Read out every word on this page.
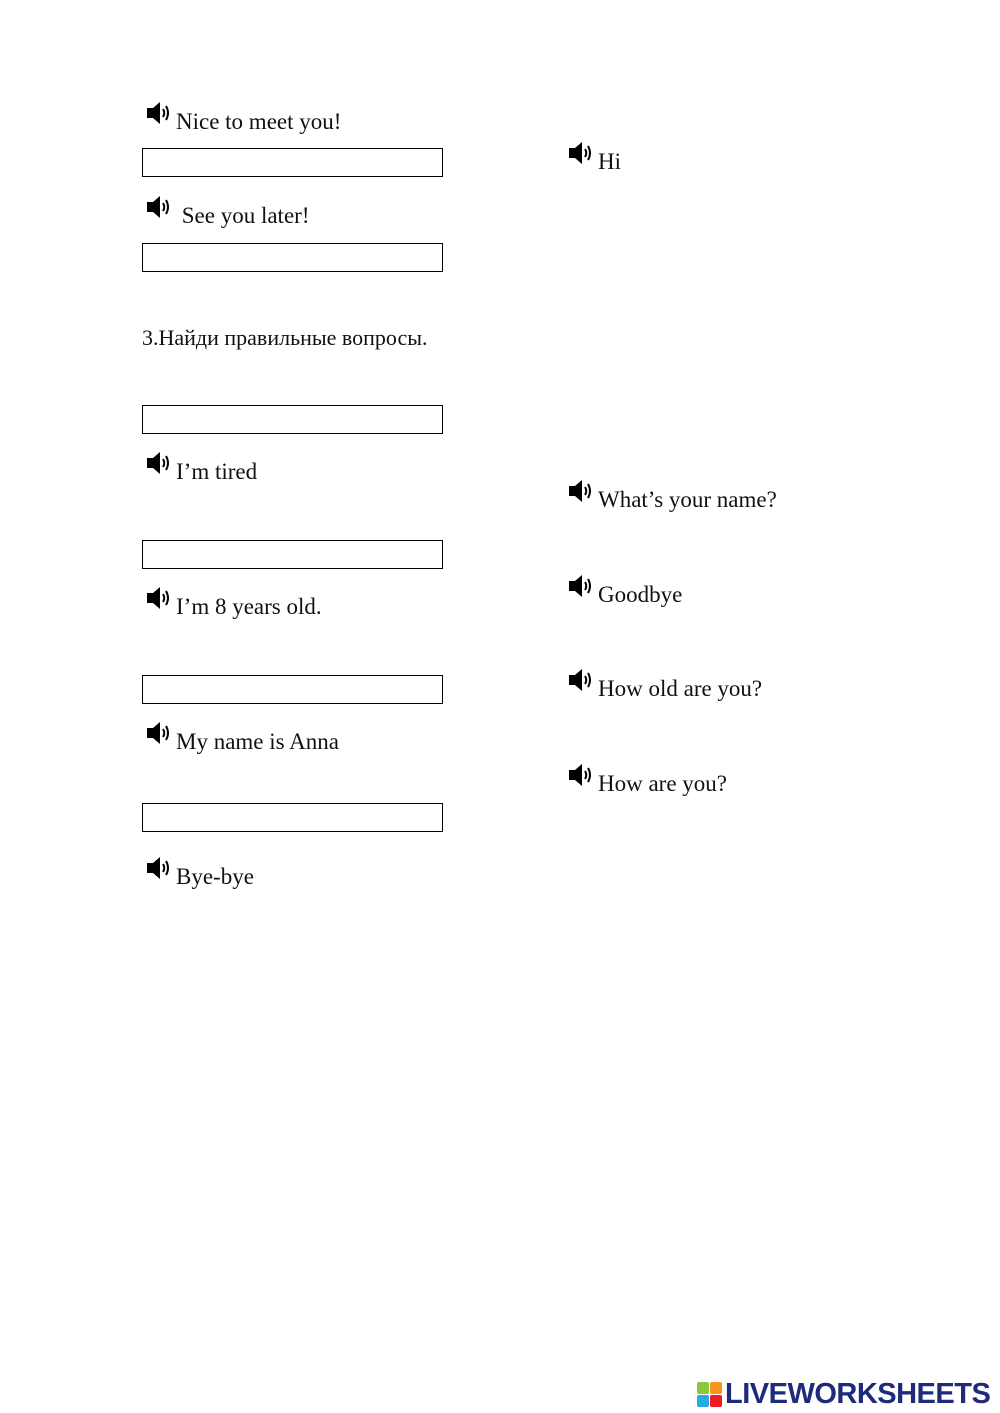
Nice to meet you!
See you later!
3.Найди правильные вопросы.
I’m tired
I’m 8 years old.
My name is Anna
Bye-bye
Hi
What’s your name?
Goodbye
How old are you?
How are you?
LIVEWORKSHEETS
